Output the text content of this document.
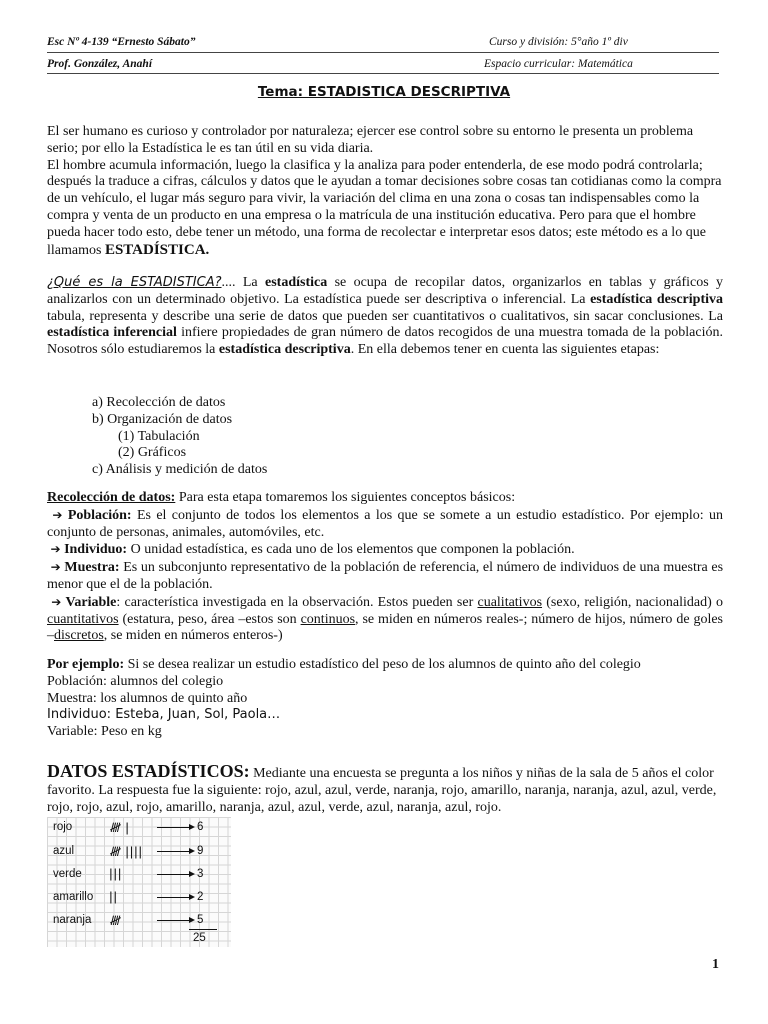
Esc Nº 4-139 “Ernesto Sábato”	Curso y división: 5°año 1º div
Prof. González, Anahí	Espacio curricular: Matemática
Tema: ESTADISTICA DESCRIPTIVA
El ser humano es curioso y controlador por naturaleza; ejercer ese control sobre su entorno le presenta un problema serio; por ello la Estadística le es tan útil en su vida diaria.
El hombre acumula información, luego la clasifica y la analiza para poder entenderla, de ese modo podrá controlarla; después la traduce a cifras, cálculos y datos que le ayudan a tomar decisiones sobre cosas tan cotidianas como la compra de un vehículo, el lugar más seguro para vivir, la variación del clima en una zona o cosas tan indispensables como la compra y venta de un producto en una empresa o la matrícula de una institución educativa. Pero para que el hombre pueda hacer todo esto, debe tener un método, una forma de recolectar e interpretar esos datos; este método es a lo que llamamos ESTADÍSTICA.
¿Qué es la ESTADISTICA?.... La estadística se ocupa de recopilar datos, organizarlos en tablas y gráficos y analizarlos con un determinado objetivo. La estadística puede ser descriptiva o inferencial. La estadística descriptiva tabula, representa y describe una serie de datos que pueden ser cuantitativos o cualitativos, sin sacar conclusiones. La estadística inferencial infiere propiedades de gran número de datos recogidos de una muestra tomada de la población. Nosotros sólo estudiaremos la estadística descriptiva. En ella debemos tener en cuenta las siguientes etapas:
a) Recolección de datos
b) Organización de datos
(1) Tabulación
(2) Gráficos
c) Análisis y medición de datos
Recolección de datos: Para esta etapa tomaremos los siguientes conceptos básicos:
➔ Población: Es el conjunto de todos los elementos a los que se somete a un estudio estadístico. Por ejemplo: un conjunto de personas, animales, automóviles, etc.
➔ Individuo: O unidad estadística, es cada uno de los elementos que componen la población.
➔ Muestra: Es un subconjunto representativo de la población de referencia, el número de individuos de una muestra es menor que el de la población.
➔ Variable: característica investigada en la observación. Estos pueden ser cualitativos (sexo, religión, nacionalidad) o cuantitativos (estatura, peso, área –estos son continuos, se miden en números reales-; número de hijos, número de goles –discretos, se miden en números enteros-)
Por ejemplo: Si se desea realizar un estudio estadístico del peso de los alumnos de quinto año del colegio
Población: alumnos del colegio
Muestra: los alumnos de quinto año
Individuo: Esteba, Juan, Sol, Paola…
Variable: Peso en kg
DATOS ESTADÍSTICOS: Mediante una encuesta se pregunta a los niños y niñas de la sala de 5 años el color favorito. La respuesta fue la siguiente: rojo, azul, azul, verde, naranja, rojo, amarillo, naranja, naranja, azul, azul, verde, rojo, rojo, azul, rojo, amarillo, naranja, azul, azul, verde, azul, naranja, azul, rojo.
rojo	𝍸 |	6
azul	𝍸 ||||	9
verde |||	3
amarillo ||	2
naranja 𝍸	5
25
1
